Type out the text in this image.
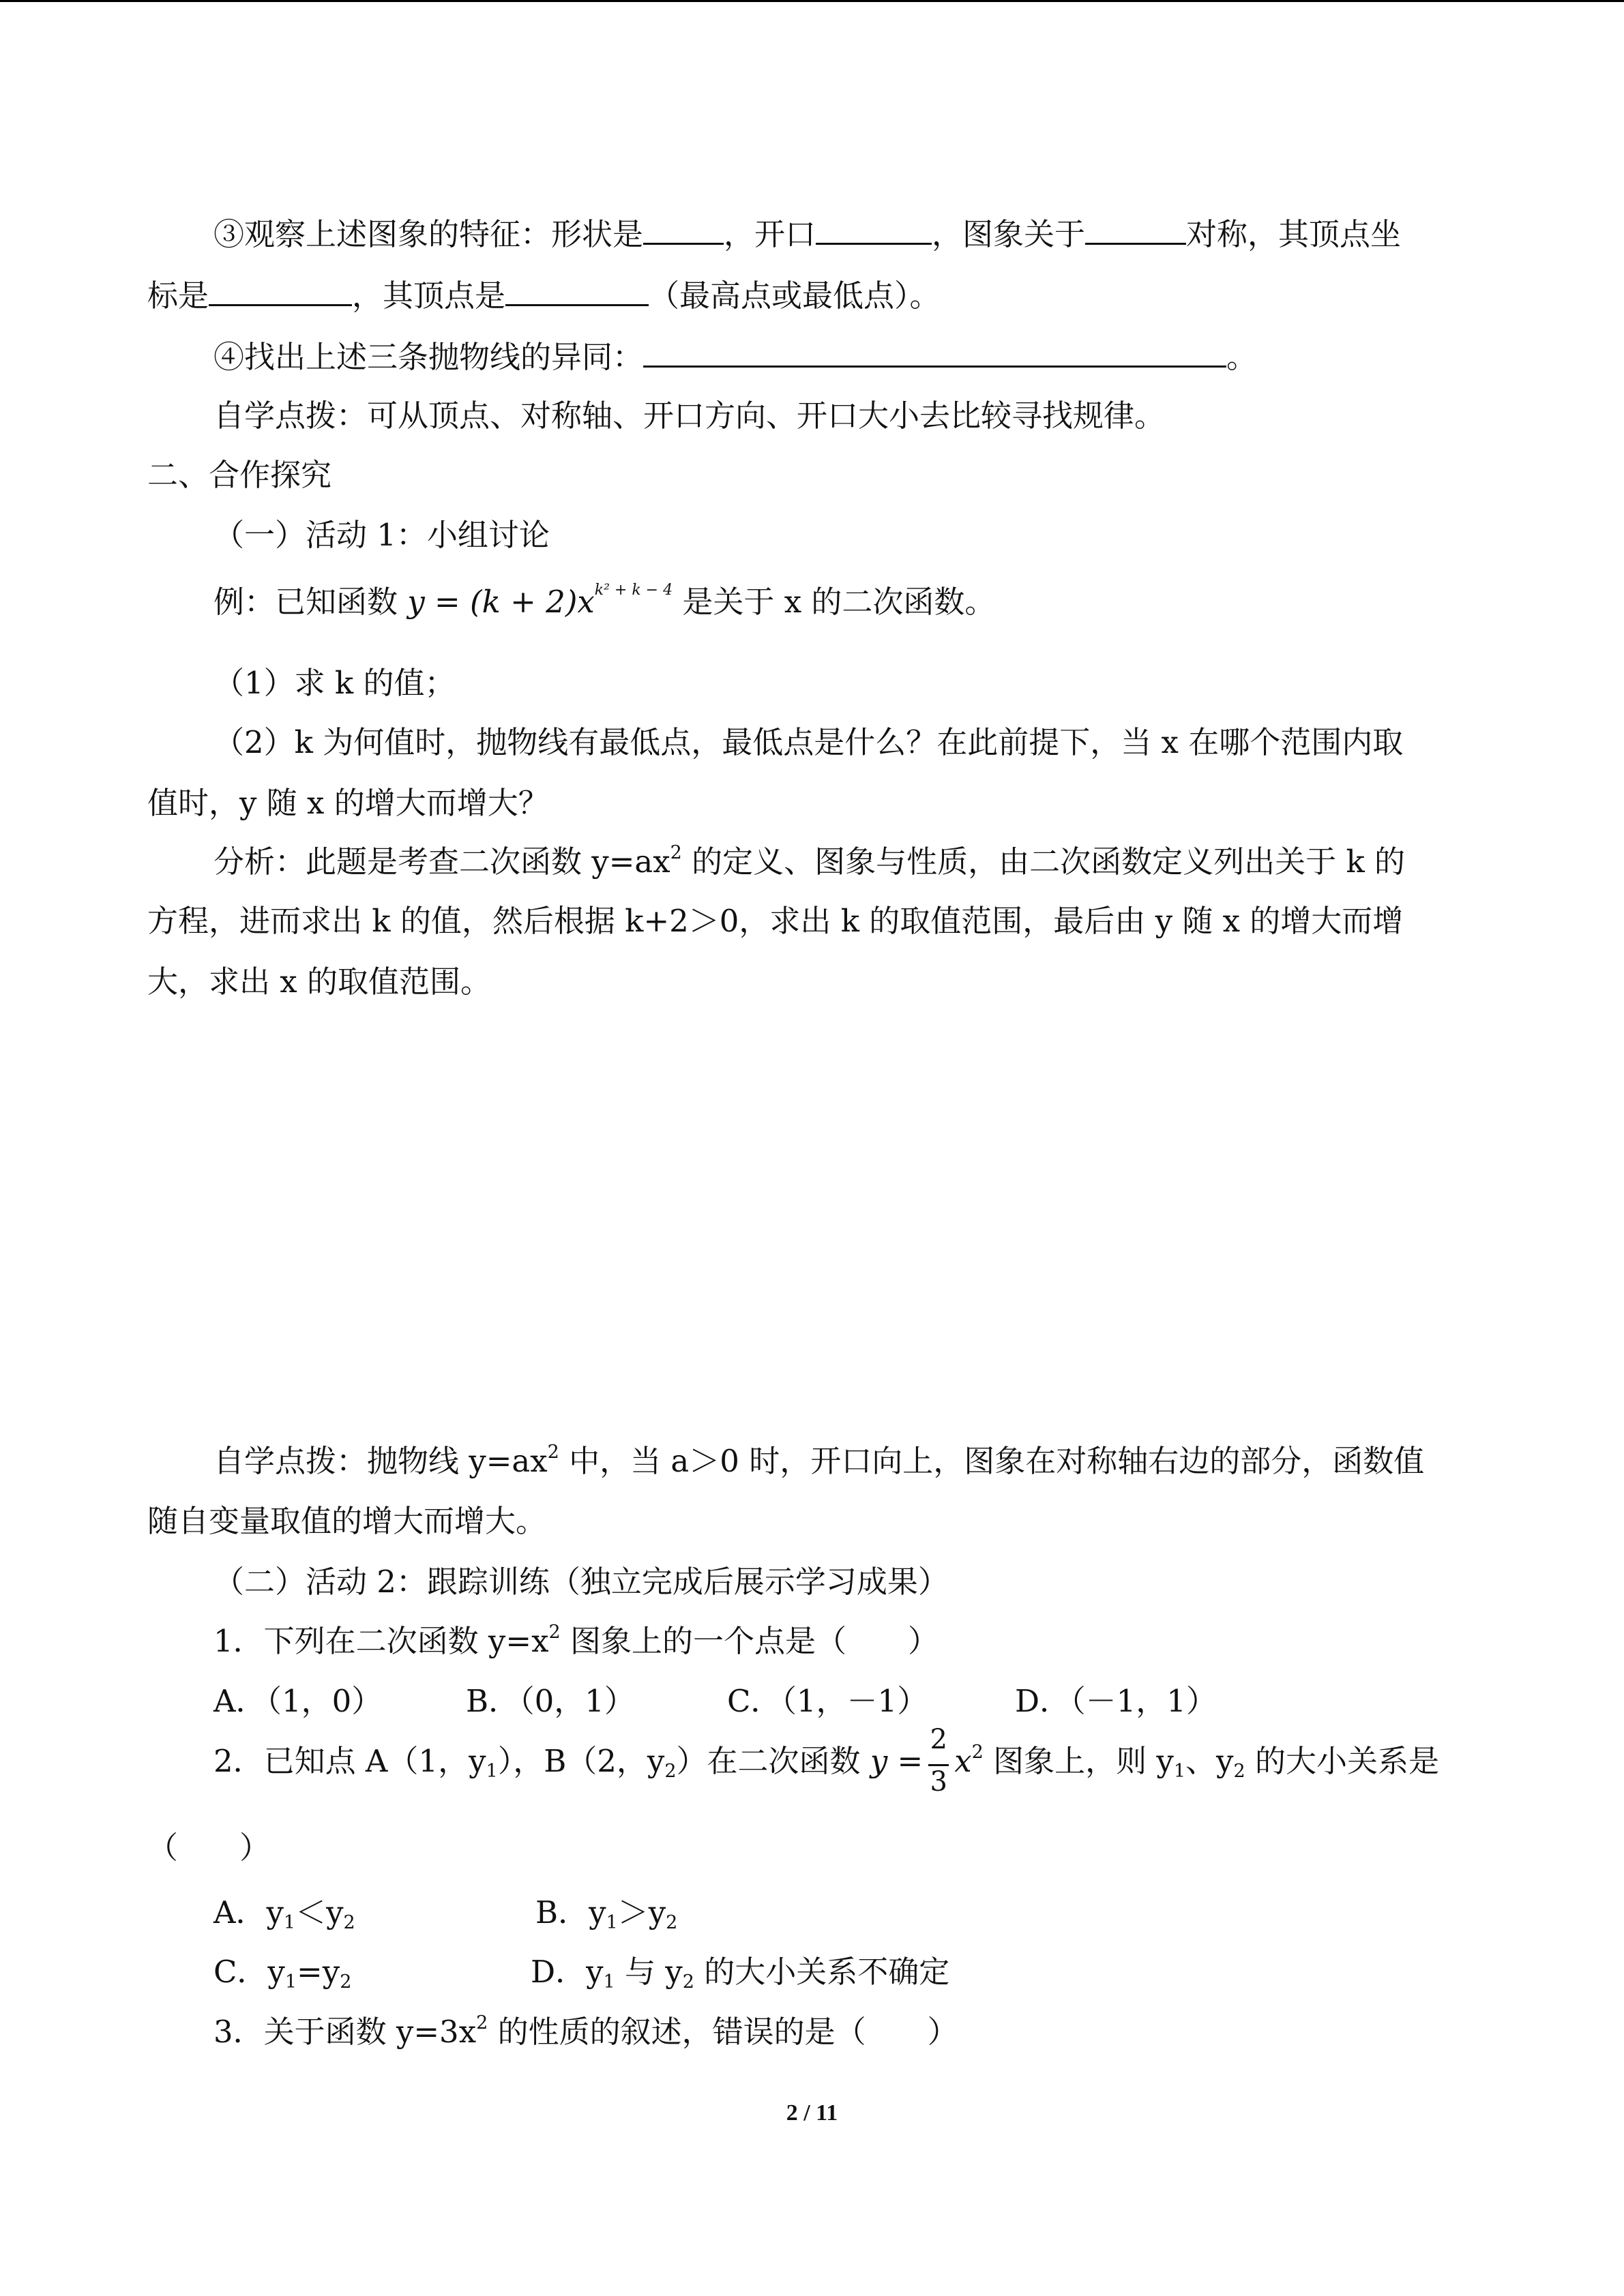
③观察上述图象的特征：形状是	，开口	，图象关于	对称，其顶点坐
标是	，其顶点是	（最高点或最低点）。
④找出上述三条抛物线的异同：	。
自学点拨：可从顶点、对称轴、开口方向、开口大小去比较寻找规律。
二、合作探究
（一）活动 1：小组讨论
例：已知函数 $y = (k + 2)x^{k^2 + k - 4}$ 是关于 x 的二次函数。
（1）求 k 的值；
（2）k 为何值时，抛物线有最低点，最低点是什么？在此前提下，当 x 在哪个范围内取
值时，y 随 x 的增大而增大？
分析：此题是考查二次函数 $y=ax^2$ 的定义、图象与性质，由二次函数定义列出关于 k 的
方程，进而求出 k 的值，然后根据 k+2＞0，求出 k 的取值范围，最后由 y 随 x 的增大而增
大，求出 x 的取值范围。
自学点拨：抛物线 $y=ax^2$ 中，当 a＞0 时，开口向上，图象在对称轴右边的部分，函数值
随自变量取值的增大而增大。
（二）活动 2：跟踪训练（独立完成后展示学习成果）
1．下列在二次函数 $y=x^2$ 图象上的一个点是（　　）
A．（1，0）	B．（0，1）	C．（1，－1）	D．（－1，1）
2．已知点 A（1，$y_1$），B（2，$y_2$）在二次函数 $y = \frac{2}{3} x^2$ 图象上，则 $y_1$、$y_2$ 的大小关系是
（　　）
A．$y_1<y_2$	B．$y_1>y_2$
C．$y_1=y_2$	D．$y_1$ 与 $y_2$ 的大小关系不确定
3．关于函数 $y=3x^2$ 的性质的叙述，错误的是（　　）
2 / 11
